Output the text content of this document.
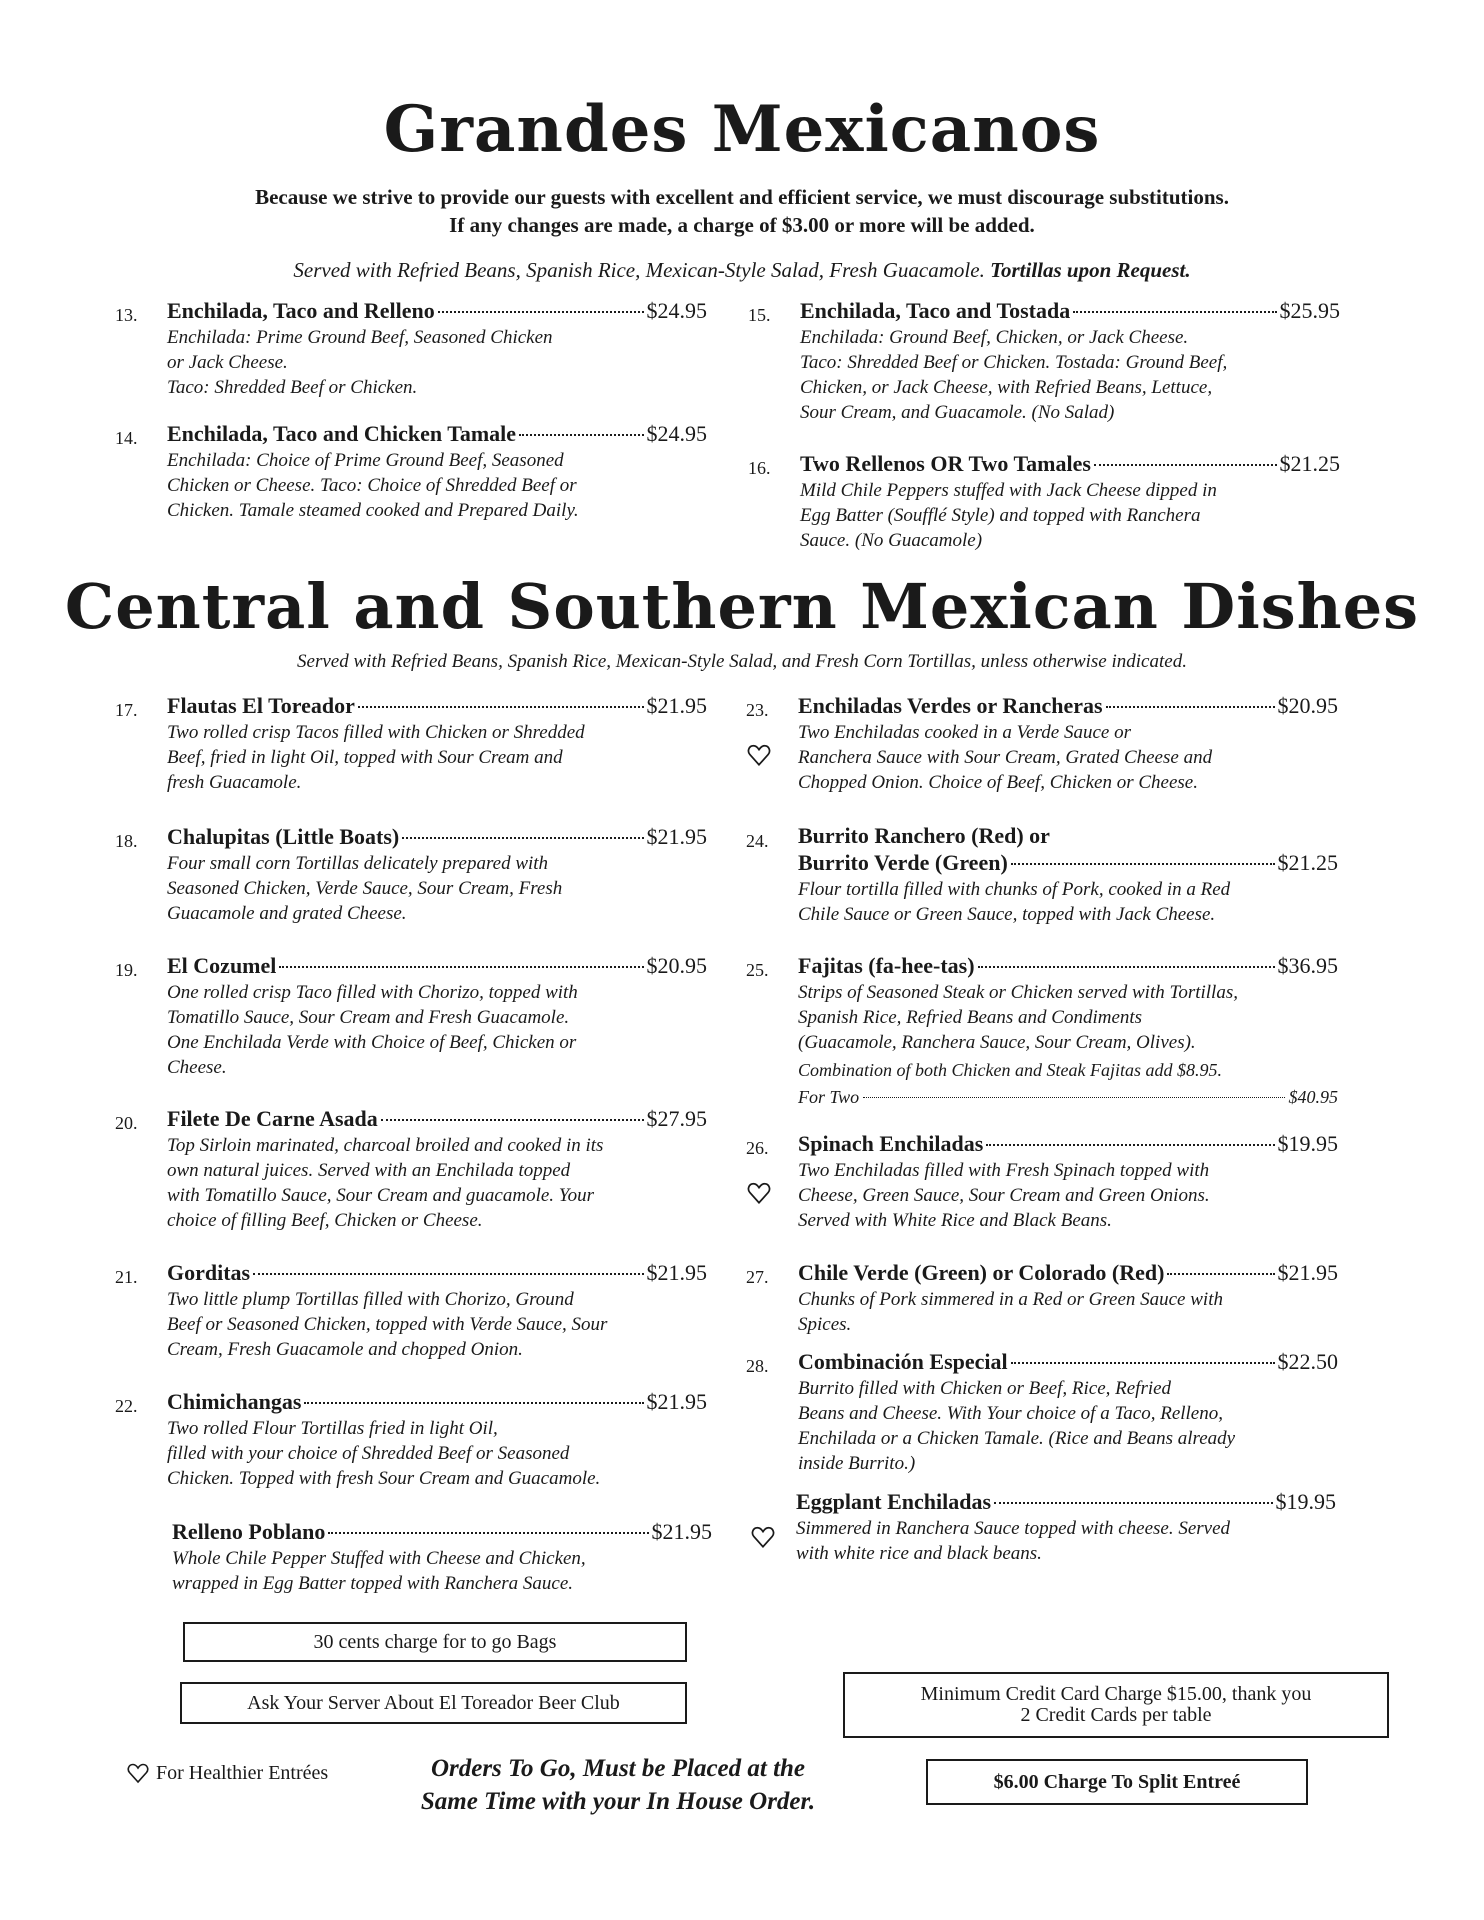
Grandes Mexicanos
Because we strive to provide our guests with excellent and efficient service, we must discourage substitutions.
If any changes are made, a charge of $3.00 or more will be added.
Served with Refried Beans, Spanish Rice, Mexican-Style Salad, Fresh Guacamole. Tortillas upon Request.
13. Enchilada, Taco and Relleno	$24.95
Enchilada: Prime Ground Beef, Seasoned Chicken
or Jack Cheese.
Taco: Shredded Beef or Chicken.
14. Enchilada, Taco and Chicken Tamale	$24.95
Enchilada: Choice of Prime Ground Beef, Seasoned
Chicken or Cheese. Taco: Choice of Shredded Beef or
Chicken. Tamale steamed cooked and Prepared Daily.
15. Enchilada, Taco and Tostada	$25.95
Enchilada: Ground Beef, Chicken, or Jack Cheese.
Taco: Shredded Beef or Chicken. Tostada: Ground Beef,
Chicken, or Jack Cheese, with Refried Beans, Lettuce,
Sour Cream, and Guacamole. (No Salad)
16. Two Rellenos OR Two Tamales	$21.25
Mild Chile Peppers stuffed with Jack Cheese dipped in
Egg Batter (Soufflé Style) and topped with Ranchera
Sauce. (No Guacamole)
Central and Southern Mexican Dishes
Served with Refried Beans, Spanish Rice, Mexican-Style Salad, and Fresh Corn Tortillas, unless otherwise indicated.
17. Flautas El Toreador	$21.95
Two rolled crisp Tacos filled with Chicken or Shredded
Beef, fried in light Oil, topped with Sour Cream and
fresh Guacamole.
18. Chalupitas (Little Boats)	$21.95
Four small corn Tortillas delicately prepared with
Seasoned Chicken, Verde Sauce, Sour Cream, Fresh
Guacamole and grated Cheese.
19. El Cozumel	$20.95
One rolled crisp Taco filled with Chorizo, topped with
Tomatillo Sauce, Sour Cream and Fresh Guacamole.
One Enchilada Verde with Choice of Beef, Chicken or
Cheese.
20. Filete De Carne Asada	$27.95
Top Sirloin marinated, charcoal broiled and cooked in its
own natural juices. Served with an Enchilada topped
with Tomatillo Sauce, Sour Cream and guacamole. Your
choice of filling Beef, Chicken or Cheese.
21. Gorditas	$21.95
Two little plump Tortillas filled with Chorizo, Ground
Beef or Seasoned Chicken, topped with Verde Sauce, Sour
Cream, Fresh Guacamole and chopped Onion.
22. Chimichangas	$21.95
Two rolled Flour Tortillas fried in light Oil,
filled with your choice of Shredded Beef or Seasoned
Chicken. Topped with fresh Sour Cream and Guacamole.
Relleno Poblano	$21.95
Whole Chile Pepper Stuffed with Cheese and Chicken,
wrapped in Egg Batter topped with Ranchera Sauce.
23. Enchiladas Verdes or Rancheras	$20.95
Two Enchiladas cooked in a Verde Sauce or
Ranchera Sauce with Sour Cream, Grated Cheese and
Chopped Onion. Choice of Beef, Chicken or Cheese.
24. Burrito Ranchero (Red) or
Burrito Verde (Green)	$21.25
Flour tortilla filled with chunks of Pork, cooked in a Red
Chile Sauce or Green Sauce, topped with Jack Cheese.
25. Fajitas (fa-hee-tas)	$36.95
Strips of Seasoned Steak or Chicken served with Tortillas,
Spanish Rice, Refried Beans and Condiments
(Guacamole, Ranchera Sauce, Sour Cream, Olives).
Combination of both Chicken and Steak Fajitas add $8.95.
For Two	$40.95
26. Spinach Enchiladas	$19.95
Two Enchiladas filled with Fresh Spinach topped with
Cheese, Green Sauce, Sour Cream and Green Onions.
Served with White Rice and Black Beans.
27. Chile Verde (Green) or Colorado (Red)	$21.95
Chunks of Pork simmered in a Red or Green Sauce with
Spices.
28. Combinación Especial	$22.50
Burrito filled with Chicken or Beef, Rice, Refried
Beans and Cheese. With Your choice of a Taco, Relleno,
Enchilada or a Chicken Tamale. (Rice and Beans already
inside Burrito.)
Eggplant Enchiladas	$19.95
Simmered in Ranchera Sauce topped with cheese. Served
with white rice and black beans.
30 cents charge for to go Bags
Ask Your Server About El Toreador Beer Club	Minimum Credit Card Charge $15.00, thank you
2 Credit Cards per table
$6.00 Charge To Split Entreé
For Healthier Entrées	Orders To Go, Must be Placed at the
Same Time with your In House Order.
